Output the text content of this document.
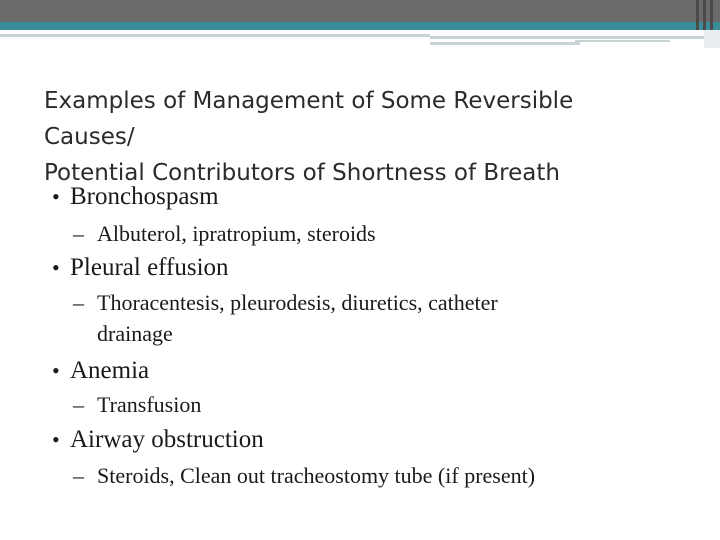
Examples of Management of Some Reversible
Causes/
Potential Contributors of Shortness of Breath

• Bronchospasm

– Albuterol, ipratropium, steroids

• Pleural effusion

– Thoracentesis, pleurodesis, diuretics, catheter

drainage

• Anemia

– Transfusion

• Airway obstruction

– Steroids, Clean out tracheostomy tube (if present)
